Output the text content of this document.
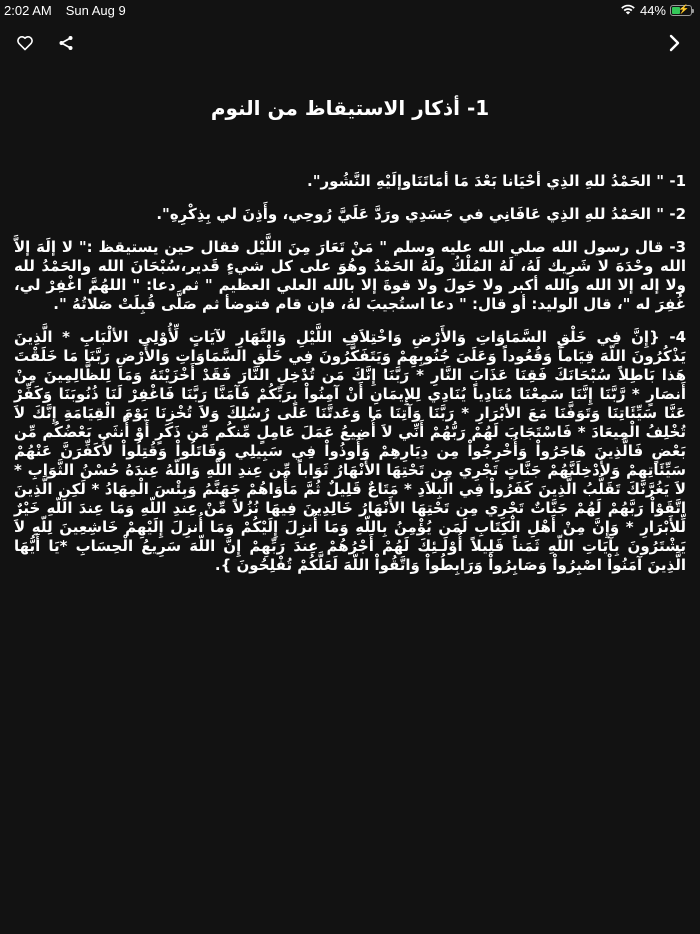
2:02 AM Sun Aug 9	44% ⚡
1- أذكار الاستيقاظ من النوم

1- " الحَمْدُ للهِ الذِي أحْيَانا بَعْدَ مَا أمَاتَنَاوإلَيْهِ النَّشُور".

2- " الحَمْدُ للهِ الذِي عَافَانِي في جَسَدِي ورَدَّ عَلَيَّ رُوحِي، وأَذِنَ لي بِذِكْرِهِ".

3- قال رسول الله صلي الله عليه وسلم " مَنْ تَعَارَ مِنَ اللَّيْل فقال حين يستيقظ :" لا إلَهَ إلاَّ الله وحْدَهَ لا شَرِيك لَهُ، لَهُ المُلْكُ ولَهُ الحَمْدُ وهُوَ على كل شيءٍ قَدير،سُبْحَانَ الله والحَمْدُ لله ولا إله إلا الله والله أكبر ولا حَولَ ولا قوةَ إلا بالله العلي العظيم " ثم دعا: " اللهُمَّ اغْفِرْ لي، غُفِرَ له "، قال الوليد: أو قال: " دعا استُجيبَ لهُ، فإن قام فتوضأ ثم صَلَّى قُبِلَتْ صَلاتُهُ ".

4- {إِنَّ فِي خَلْقِ السَّمَاوَاتِ وَالأَرْضِ وَاخْتِلاَفِ اللَّيْلِ وَالنَّهَارِ لآيَاتٍ لِّأُوْلِي الألْبَابِ * الَّذِينَ يَذْكُرُونَ اللّهَ قِيَاماً وَقُعُوداً وَعَلَىَ جُنُوبِهِمْ وَيَتَفَكَّرُونَ فِي خَلْقِ السَّمَاوَاتِ وَالأَرْضِ رَبَّنَا مَا خَلَقْتَ هَذا بَاطِلاً سُبْحَانَكَ فَقِنَا عَذَابَ النَّارِ * رَبَّنَا إِنَّكَ مَن تُدْخِلِ النَّارَ فَقَدْ أَخْزَيْتَهُ وَمَا لِلظَّالِمِينَ مِنْ أَنصَارٍ * رَّبَّنَا إِنَّنَا سَمِعْنَا مُنَادِياً يُنَادِي لِلإِيمَانِ أَنْ آمِنُواْ بِرَبِّكُمْ فَآمَنَّا رَبَّنَا فَاغْفِرْ لَنَا ذُنُوبَنَا وَكَفِّرْ عَنَّا سَيِّئَاتِنَا وَتَوَفَّنَا مَعَ الأبْرَارِ * رَبَّنَا وَآتِنَا مَا وَعَدتَّنَا عَلَى رُسُلِكَ وَلاَ تُخْزِنَا يَوْمَ الْقِيَامَةِ إِنَّكَ لاَ تُخْلِفُ الْمِيعَادَ * فَاسْتَجَابَ لَهُمْ رَبُّهُمْ أَنِّي لاَ أُضِيعُ عَمَلَ عَامِلٍ مِّنكُم مِّن ذَكَرٍ أَوْ أُنثَى بَعْضُكُم مِّن بَعْضٍ فَالَّذِينَ هَاجَرُواْ وَأُخْرِجُواْ مِن دِيَارِهِمْ وَأُوذُواْ فِي سَبِيلِي وَقَاتَلُواْ وَقُتِلُواْ لأُكَفِّرَنَّ عَنْهُمْ سَيِّئَاتِهِمْ وَلأُدْخِلَنَّهُمْ جَنَّاتٍ تَجْرِي مِن تَحْتِهَا الأَنْهَارُ ثَوَاباً مِّن عِندِ اللّهِ وَاللّهُ عِندَهُ حُسْنُ الثَّوَابِ * لاَ يَغُرَّنَّكَ تَقَلُّبُ الَّذِينَ كَفَرُواْ فِي الْبِلاَدِ * مَتَاعٌ قَلِيلٌ ثُمَّ مَأْوَاهُمْ جَهَنَّمُ وَبِئْسَ الْمِهَادُ * لَكِنِ الَّذِينَ اتَّقَوْاْ رَبَّهُمْ لَهُمْ جَنَّاتٌ تَجْرِي مِن تَحْتِهَا الأَنْهَارُ خَالِدِينَ فِيهَا نُزُلاً مِّنْ عِندِ اللّهِ وَمَا عِندَ اللّهِ خَيْرٌ لِّلأَبْرَارِ * وَإِنَّ مِنْ أَهْلِ الْكِتَابِ لَمَن يُؤْمِنُ بِاللّهِ وَمَا أُنزِلَ إِلَيْكُمْ وَمَا أُنزِلَ إِلَيْهِمْ خَاشِعِينَ لِلّهِ لاَ يَشْتَرُونَ بِآيَاتِ اللّهِ ثَمَناً قَلِيلاً أُوْلَـئِكَ لَهُمْ أَجْرُهُمْ عِندَ رَبِّهِمْ إِنَّ اللّهَ سَرِيعُ الْحِسَابِ *يَا أَيُّهَا الَّذِينَ آمَنُواْ اصْبِرُواْ وَصَابِرُواْ وَرَابِطُواْ وَاتَّقُواْ اللّهَ لَعَلَّكُمْ تُفْلِحُونَ }.
